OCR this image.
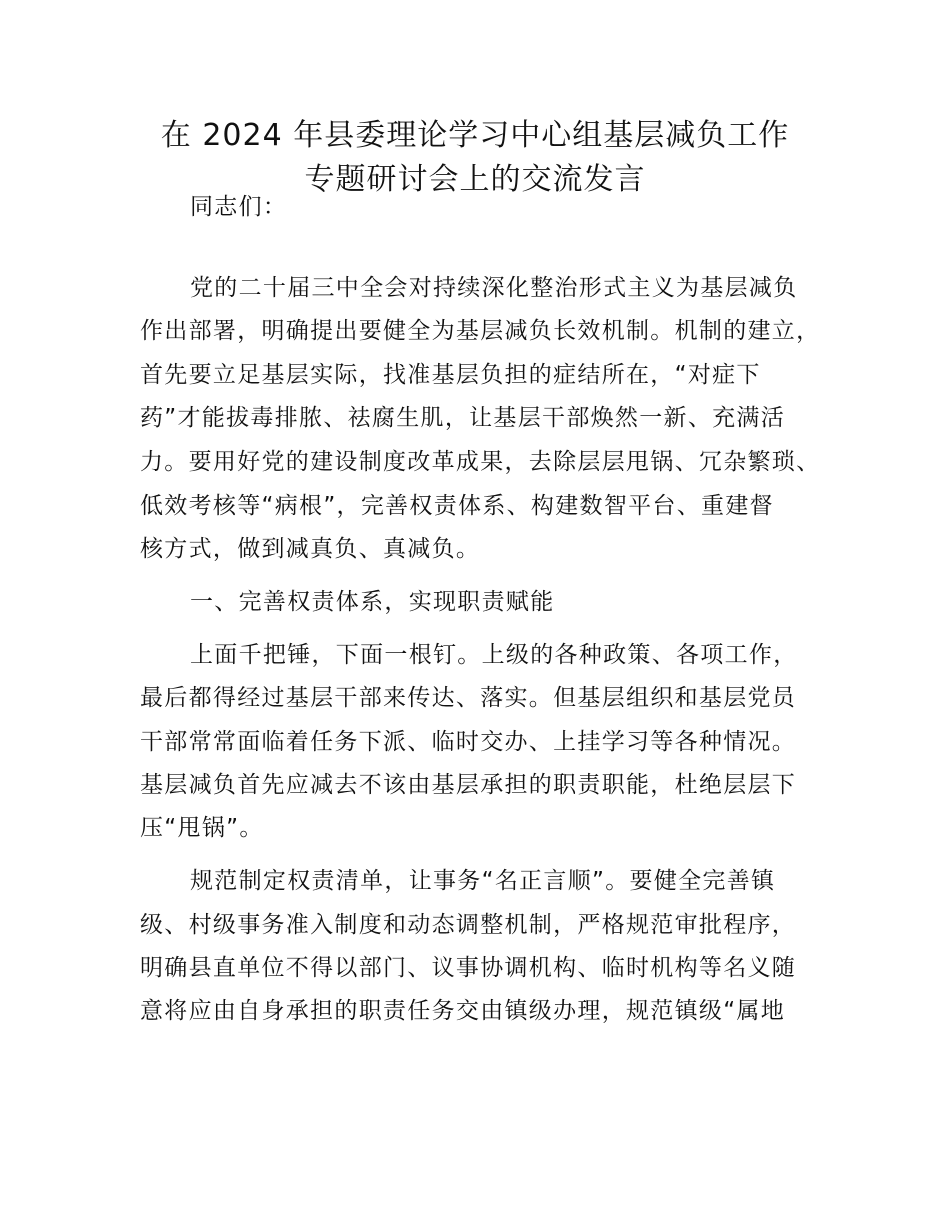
在 2024 年县委理论学习中心组基层减负工作
专题研讨会上的交流发言
同志们：
党的二十届三中全会对持续深化整治形式主义为基层减负
作出部署，明确提出要健全为基层减负长效机制。机制的建立，
首先要立足基层实际，找准基层负担的症结所在，“对症下
药”才能拔毒排脓、祛腐生肌，让基层干部焕然一新、充满活
力。要用好党的建设制度改革成果，去除层层甩锅、冗杂繁琐、
低效考核等“病根”，完善权责体系、构建数智平台、重建督
核方式，做到减真负、真减负。
一、完善权责体系，实现职责赋能
上面千把锤，下面一根钉。上级的各种政策、各项工作，
最后都得经过基层干部来传达、落实。但基层组织和基层党员
干部常常面临着任务下派、临时交办、上挂学习等各种情况。
基层减负首先应减去不该由基层承担的职责职能，杜绝层层下
压“甩锅”。
规范制定权责清单，让事务“名正言顺”。要健全完善镇
级、村级事务准入制度和动态调整机制，严格规范审批程序，
明确县直单位不得以部门、议事协调机构、临时机构等名义随
意将应由自身承担的职责任务交由镇级办理，规范镇级“属地
